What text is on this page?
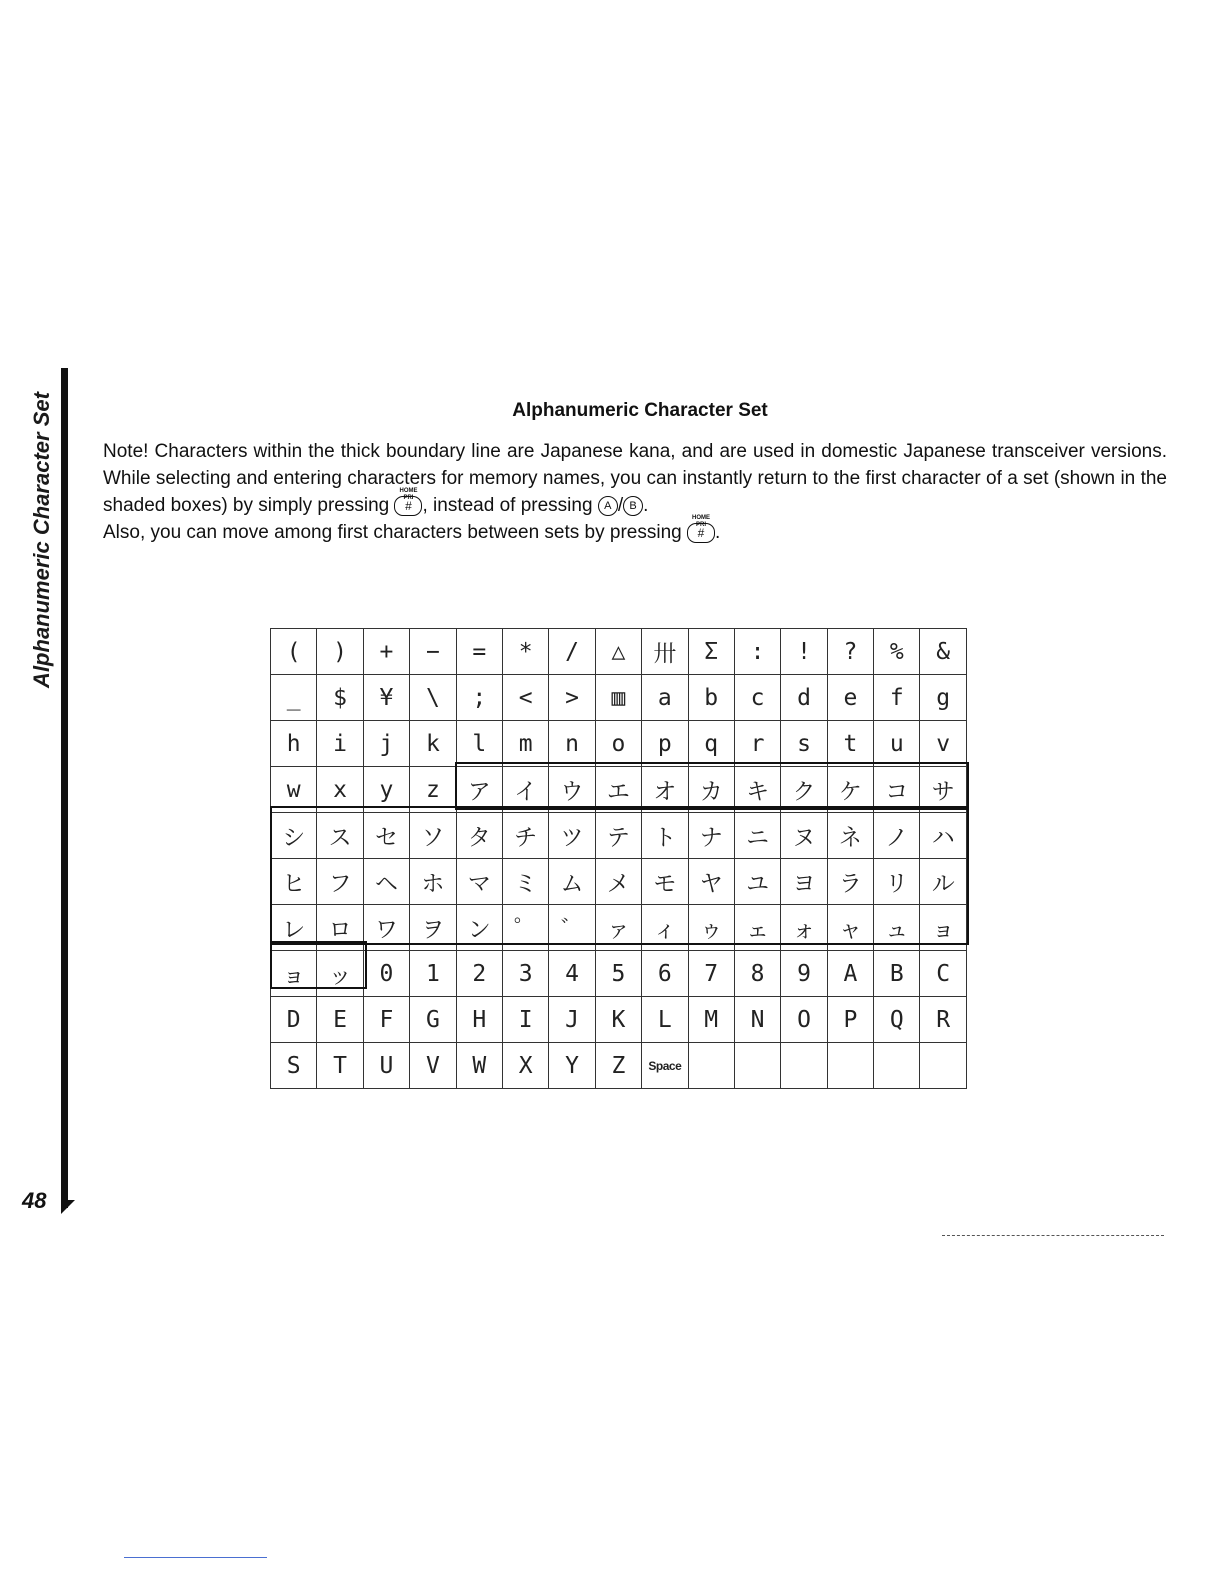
Alphanumeric Character Set
48
Alphanumeric Character Set

Note! Characters within the thick boundary line are Japanese kana, and are used in domestic Japanese transceiver versions. While selecting and entering characters for memory names, you can instantly return to the first character of a set (shown in the shaded boxes) by simply pressing
HOME PRI
# , instead of pressing A / B .

Also, you can move among first characters between sets by pressing
HOME PRI
# .

(	)	+	−	=	*	/	△	卅	Σ	:	!	?	%	&
_	$	¥	\	;	<	>	▥	a	b	c	d	e	f	g
h	i	j	k	l	m	n	o	p	q	r	s	t	u	v
w	x	y	z	ア	イ	ウ	エ	オ	カ	キ	ク	ケ	コ	サ
シ	ス	セ	ソ	タ	チ	ツ	テ	ト	ナ	ニ	ヌ	ネ	ノ	ハ
ヒ	フ	ヘ	ホ	マ	ミ	ム	メ	モ	ヤ	ユ	ヨ	ラ	リ	ル
レ	ロ	ワ	ヲ	ン	゜	゛	ァ	ィ	ゥ	ェ	ォ	ャ	ュ	ョ
ョ	ッ	0	1	2	3	4	5	6	7	8	9	A	B	C
D	E	F	G	H	I	J	K	L	M	N	O	P	Q	R
S	T	U	V	W	X	Y	Z	Space						
